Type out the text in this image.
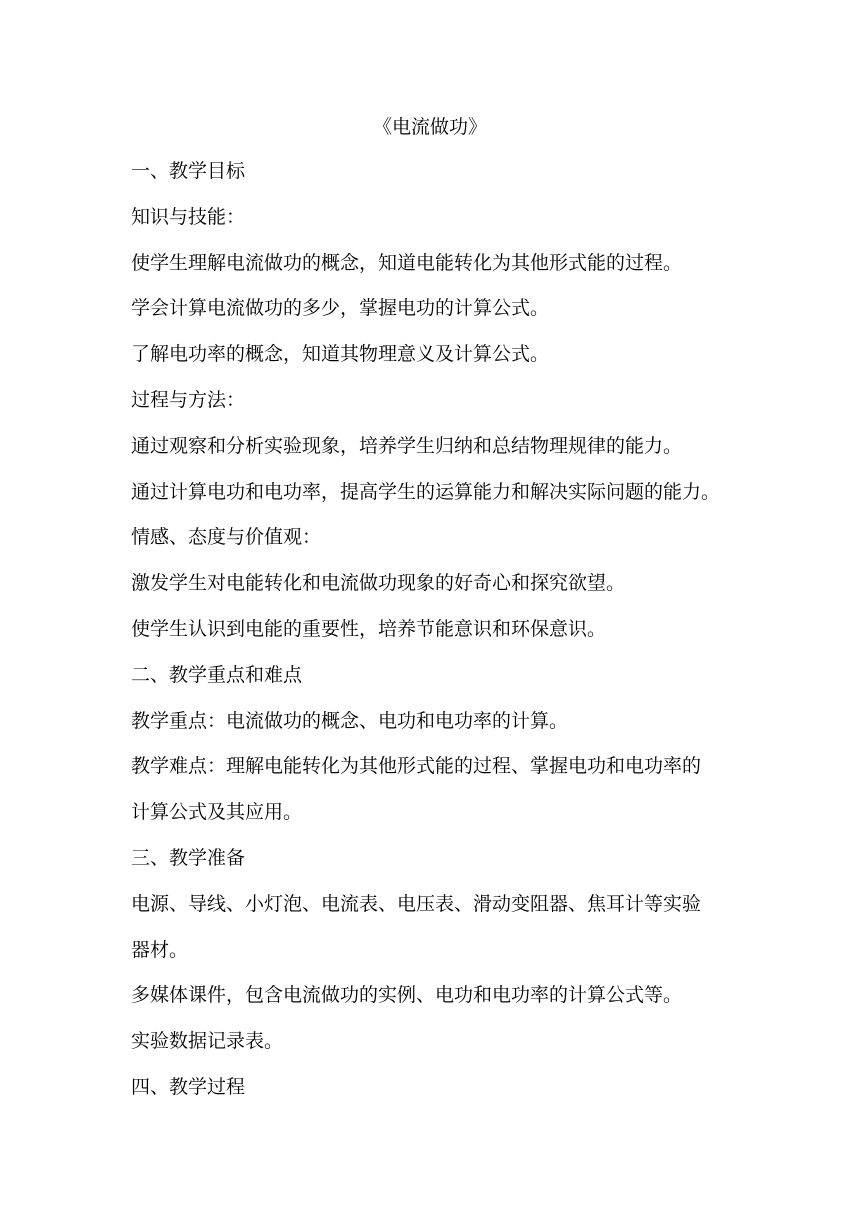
《电流做功》
一、教学目标
知识与技能：
使学生理解电流做功的概念，知道电能转化为其他形式能的过程。
学会计算电流做功的多少，掌握电功的计算公式。
了解电功率的概念，知道其物理意义及计算公式。
过程与方法：
通过观察和分析实验现象，培养学生归纳和总结物理规律的能力。
通过计算电功和电功率，提高学生的运算能力和解决实际问题的能力。
情感、态度与价值观：
激发学生对电能转化和电流做功现象的好奇心和探究欲望。
使学生认识到电能的重要性，培养节能意识和环保意识。
二、教学重点和难点
教学重点：电流做功的概念、电功和电功率的计算。
教学难点：理解电能转化为其他形式能的过程、掌握电功和电功率的
计算公式及其应用。
三、教学准备
电源、导线、小灯泡、电流表、电压表、滑动变阻器、焦耳计等实验
器材。
多媒体课件，包含电流做功的实例、电功和电功率的计算公式等。
实验数据记录表。
四、教学过程
